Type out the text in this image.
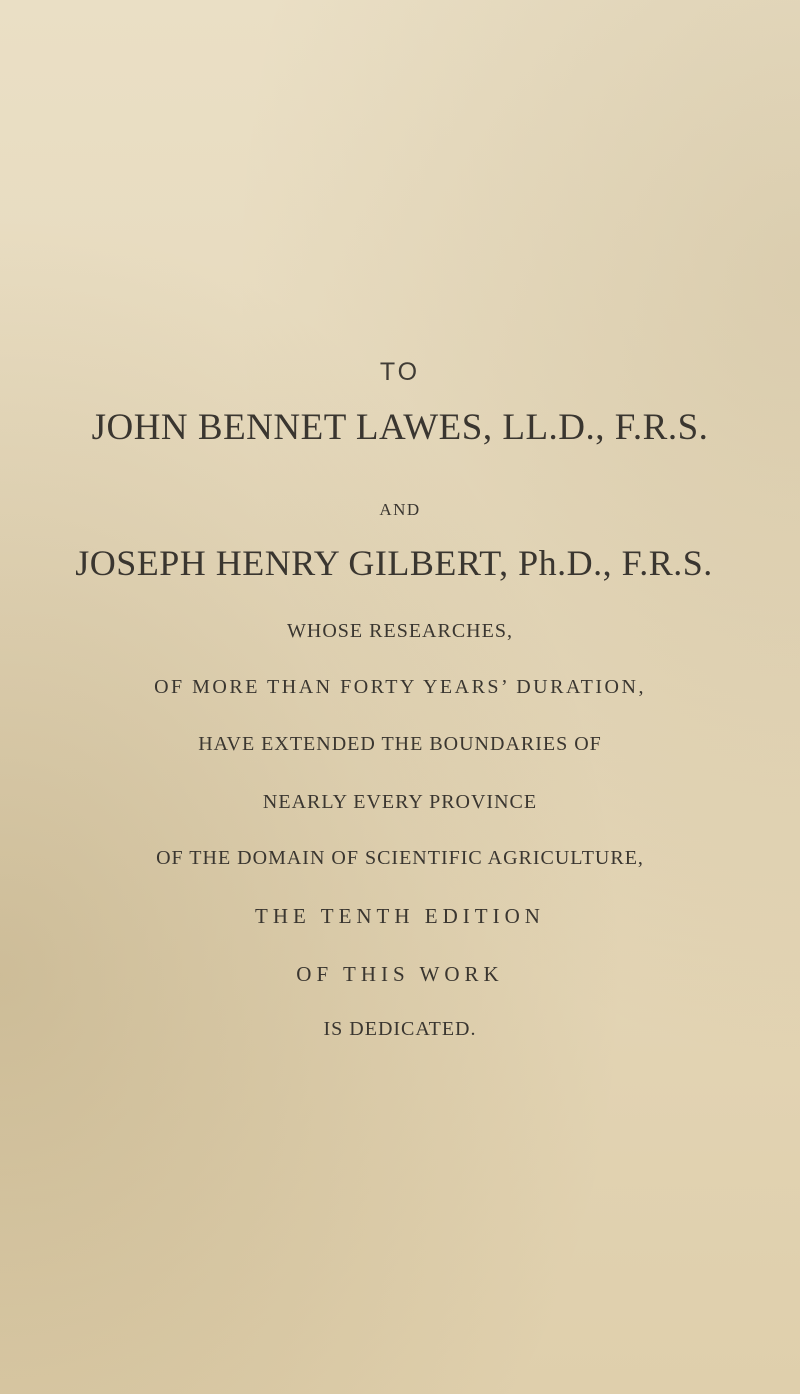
TO
JOHN BENNET LAWES, LL.D., F.R.S.
AND
JOSEPH HENRY GILBERT, Ph.D., F.R.S.
WHOSE RESEARCHES,
OF MORE THAN FORTY YEARS’ DURATION,
HAVE EXTENDED THE BOUNDARIES OF
NEARLY EVERY PROVINCE
OF THE DOMAIN OF SCIENTIFIC AGRICULTURE,
THE TENTH EDITION
OF THIS WORK
IS DEDICATED.
